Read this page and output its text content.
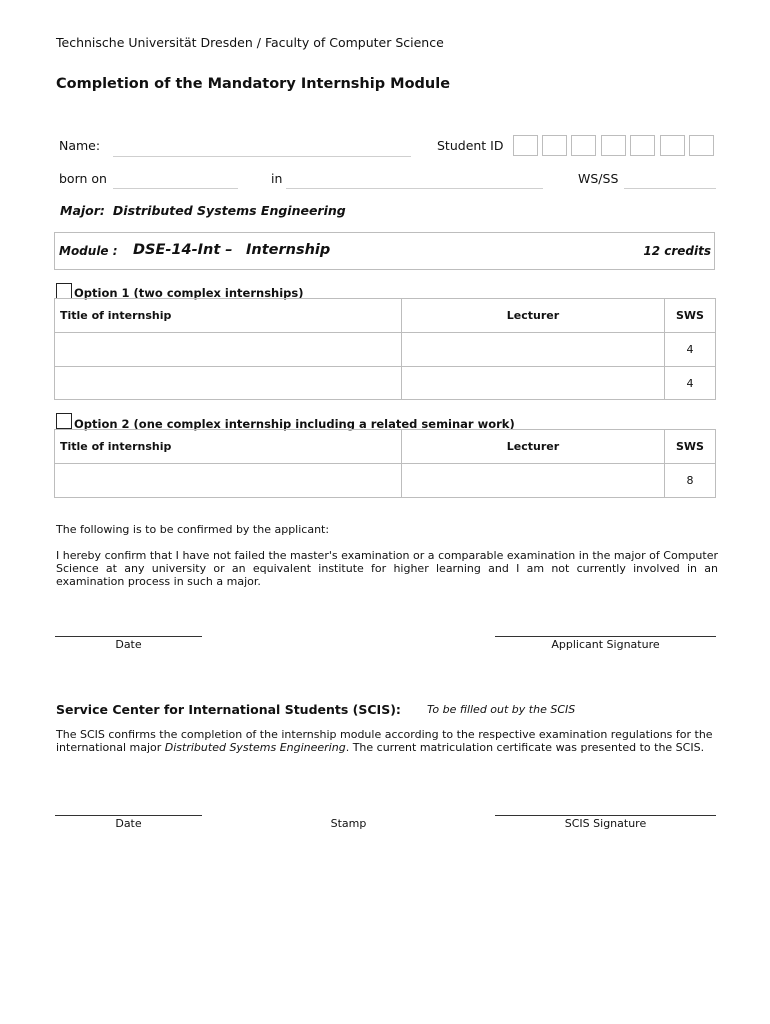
Technische Universität Dresden / Faculty of Computer Science
Completion of the Mandatory Internship Module
Name:	Student ID
born on	in	WS/SS
Major: Distributed Systems Engineering
Module : DSE-14-Int – Internship	12 credits
Option 1 (two complex internships)
Title of internship	Lecturer	SWS
		4
		4
Option 2 (one complex internship including a related seminar work)
Title of internship	Lecturer	SWS
		8
The following is to be confirmed by the applicant:
I hereby confirm that I have not failed the master's examination or a comparable examination in the major of Computer Science at any university or an equivalent institute for higher learning and I am not currently involved in an examination process in such a major.
Date	Applicant Signature
Service Center for International Students (SCIS): To be filled out by the SCIS
The SCIS confirms the completion of the internship module according to the respective examination regulations for the international major Distributed Systems Engineering. The current matriculation certificate was presented to the SCIS.
Date	Stamp	SCIS Signature
